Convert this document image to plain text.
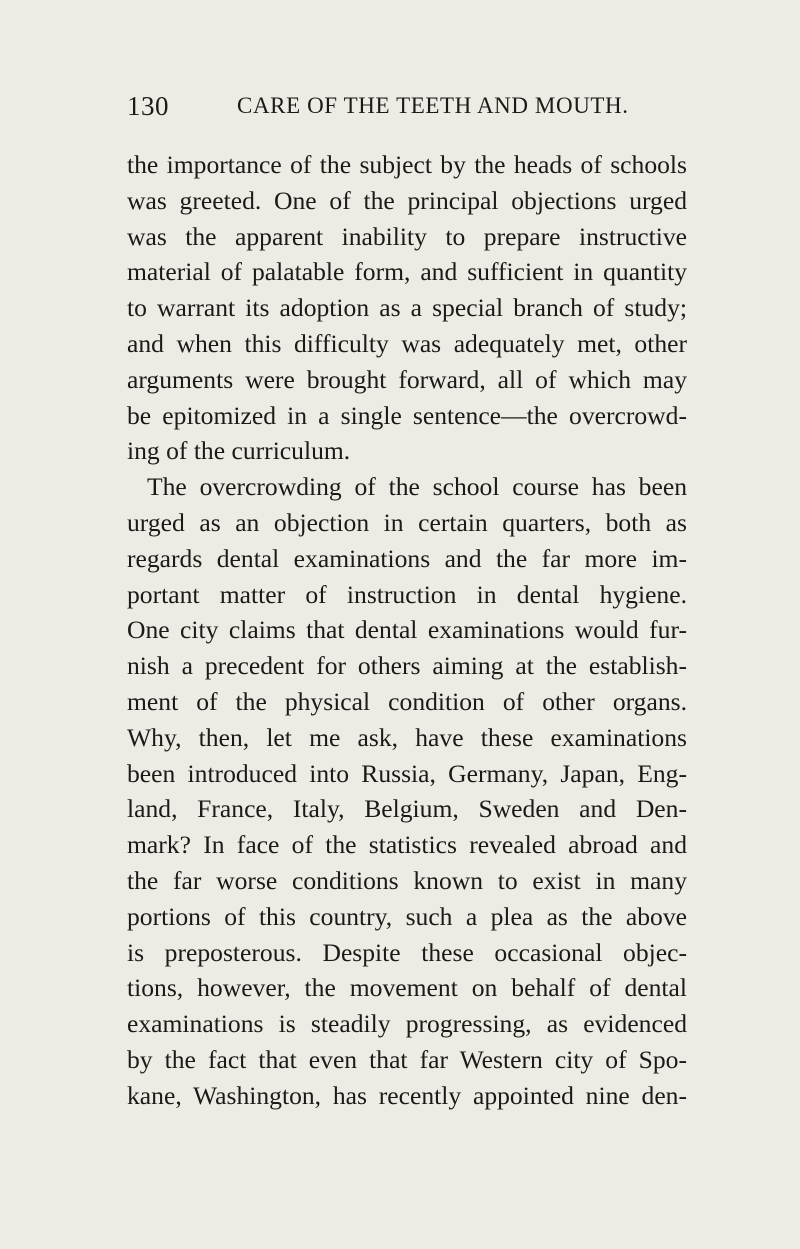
130	CARE OF THE TEETH AND MOUTH.
the importance of the subject by the heads of schools
was greeted. One of the principal objections urged
was the apparent inability to prepare instructive
material of palatable form, and sufficient in quantity
to warrant its adoption as a special branch of study;
and when this difficulty was adequately met, other
arguments were brought forward, all of which may
be epitomized in a single sentence—the overcrowd-
ing of the curriculum.
The overcrowding of the school course has been
urged as an objection in certain quarters, both as
regards dental examinations and the far more im-
portant matter of instruction in dental hygiene.
One city claims that dental examinations would fur-
nish a precedent for others aiming at the establish-
ment of the physical condition of other organs.
Why, then, let me ask, have these examinations
been introduced into Russia, Germany, Japan, Eng-
land, France, Italy, Belgium, Sweden and Den-
mark? In face of the statistics revealed abroad and
the far worse conditions known to exist in many
portions of this country, such a plea as the above
is preposterous. Despite these occasional objec-
tions, however, the movement on behalf of dental
examinations is steadily progressing, as evidenced
by the fact that even that far Western city of Spo-
kane, Washington, has recently appointed nine den-
